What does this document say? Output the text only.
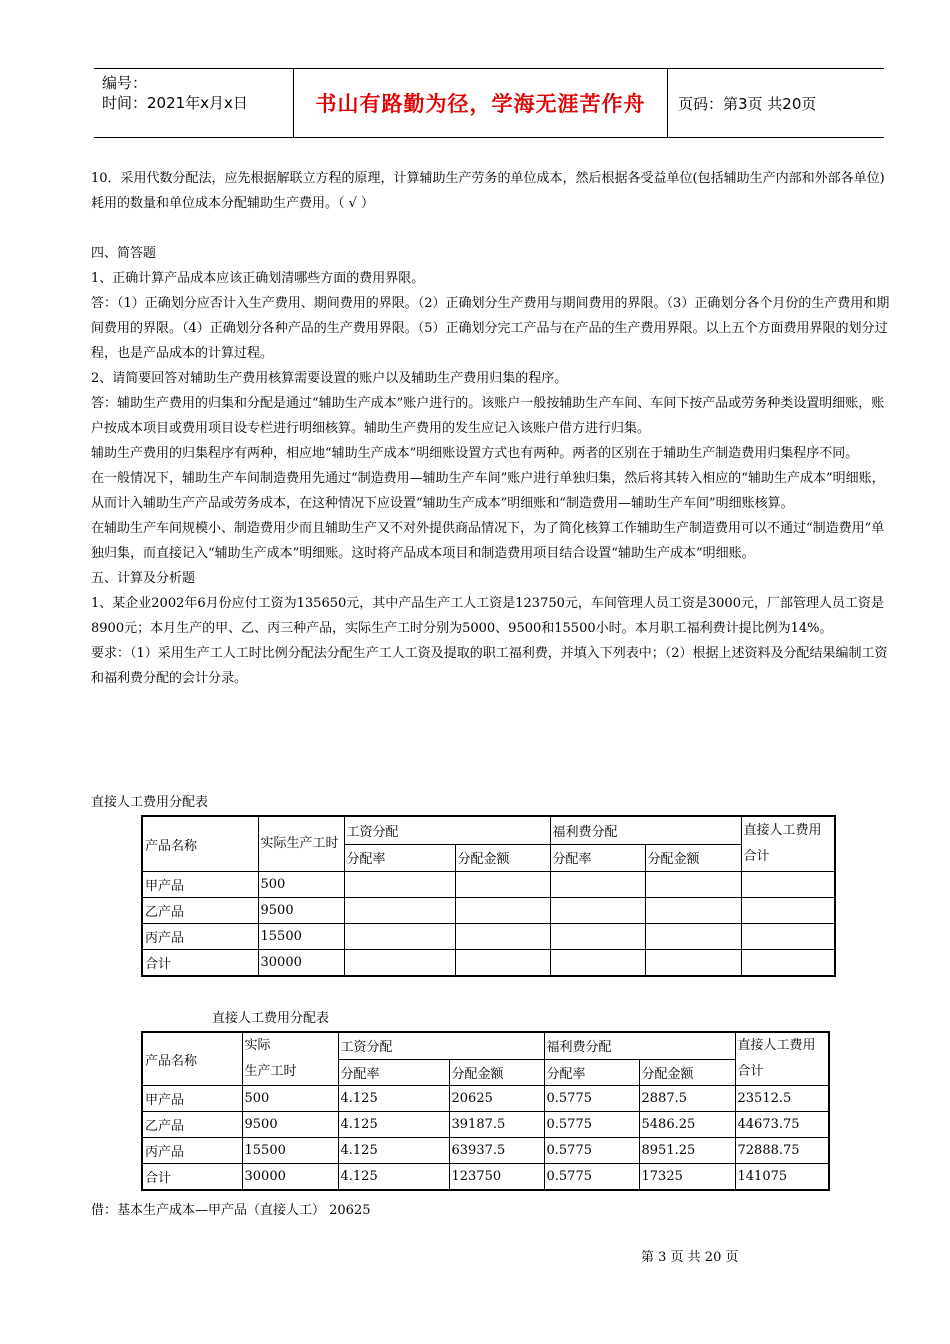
编号：
时间：2021年x月x日	书山有路勤为径，学海无涯苦作舟	页码：第3页 共20页

10．采用代数分配法，应先根据解联立方程的原理，计算辅助生产劳务的单位成本，然后根据各受益单位(包括辅助生产内部和外部各单位)耗用的数量和单位成本分配辅助生产费用。（ √ ）

四、简答题

1、正确计算产品成本应该正确划清哪些方面的费用界限。

答：（1）正确划分应否计入生产费用、期间费用的界限。（2）正确划分生产费用与期间费用的界限。（3）正确划分各个月份的生产费用和期间费用的界限。（4）正确划分各种产品的生产费用界限。（5）正确划分完工产品与在产品的生产费用界限。以上五个方面费用界限的划分过程，也是产品成本的计算过程。

2、请简要回答对辅助生产费用核算需要设置的账户以及辅助生产费用归集的程序。

答：辅助生产费用的归集和分配是通过“辅助生产成本”账户进行的。该账户一般按辅助生产车间、车间下按产品或劳务种类设置明细账，账户按成本项目或费用项目设专栏进行明细核算。辅助生产费用的发生应记入该账户借方进行归集。

辅助生产费用的归集程序有两种，相应地“辅助生产成本”明细账设置方式也有两种。两者的区别在于辅助生产制造费用归集程序不同。

在一般情况下，辅助生产车间制造费用先通过“制造费用—辅助生产车间”账户进行单独归集，然后将其转入相应的“辅助生产成本”明细账，从而计入辅助生产产品或劳务成本，在这种情况下应设置“辅助生产成本”明细账和“制造费用—辅助生产车间”明细账核算。

在辅助生产车间规模小、制造费用少而且辅助生产又不对外提供商品情况下，为了简化核算工作辅助生产制造费用可以不通过“制造费用”单独归集，而直接记入“辅助生产成本”明细账。这时将产品成本项目和制造费用项目结合设置“辅助生产成本”明细账。

五、计算及分析题

1、某企业2002年6月份应付工资为135650元，其中产品生产工人工资是123750元，车间管理人员工资是3000元，厂部管理人员工资是8900元；本月生产的甲、乙、丙三种产品，实际生产工时分别为5000、9500和15500小时。本月职工福利费计提比例为14%。

要求：（1）采用生产工人工时比例分配法分配生产工人工资及提取的职工福利费，并填入下列表中；（2）根据上述资料及分配结果编制工资和福利费分配的会计分录。

直接人工费用分配表
产品名称	实际生产工时	工资分配		福利费分配		直接人工费用合计
		分配率	分配金额	分配率	分配金额	
甲产品	500					
乙产品	9500					
丙产品	15500					
合计	30000					
直接人工费用分配表
产品名称	实际
生产工时	工资分配		福利费分配		直接人工费用合计
		分配率	分配金额	分配率	分配金额	
甲产品	500	4.125	20625	0.5775	2887.5	23512.5
乙产品	9500	4.125	39187.5	0.5775	5486.25	44673.75
丙产品	15500	4.125	63937.5	0.5775	8951.25	72888.75
合计	30000	4.125	123750	0.5775	17325	141075
借：基本生产成本—甲产品（直接人工） 20625
第 3 页 共 20 页
